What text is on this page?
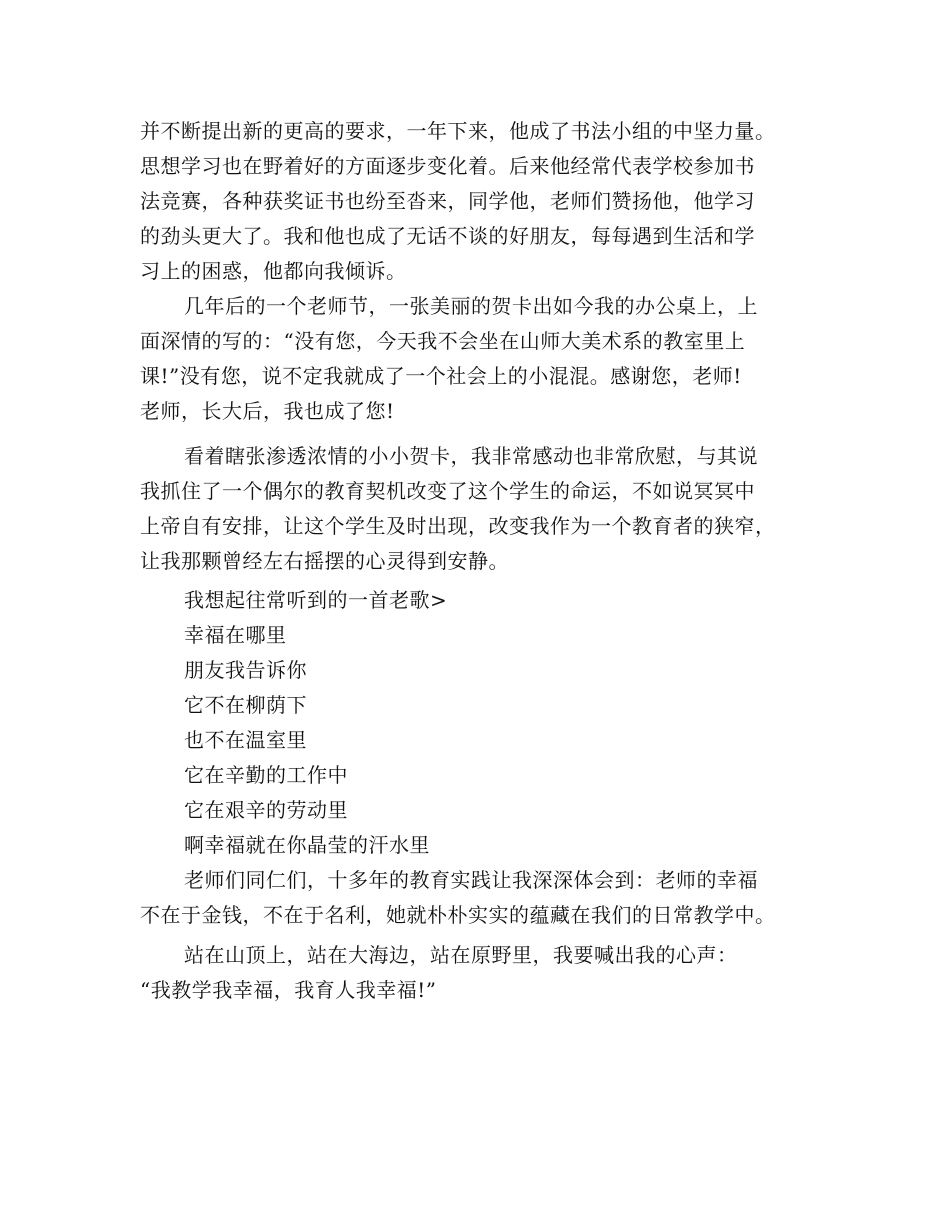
并不断提出新的更高的要求，一年下来，他成了书法小组的中坚力量。
思想学习也在野着好的方面逐步变化着。后来他经常代表学校参加书
法竞赛，各种获奖证书也纷至沓来，同学他，老师们赞扬他，他学习
的劲头更大了。我和他也成了无话不谈的好朋友，每每遇到生活和学
习上的困惑，他都向我倾诉。
几年后的一个老师节，一张美丽的贺卡出如今我的办公桌上，上
面深情的写的：“没有您，今天我不会坐在山师大美术系的教室里上
课!”没有您，说不定我就成了一个社会上的小混混。感谢您，老师!
老师，长大后，我也成了您!
看着瞎张渗透浓情的小小贺卡，我非常感动也非常欣慰，与其说
我抓住了一个偶尔的教育契机改变了这个学生的命运，不如说冥冥中
上帝自有安排，让这个学生及时出现，改变我作为一个教育者的狭窄，
让我那颗曾经左右摇摆的心灵得到安静。
我想起往常听到的一首老歌>
幸福在哪里
朋友我告诉你
它不在柳荫下
也不在温室里
它在辛勤的工作中
它在艰辛的劳动里
啊幸福就在你晶莹的汗水里
老师们同仁们，十多年的教育实践让我深深体会到：老师的幸福
不在于金钱，不在于名利，她就朴朴实实的蕴藏在我们的日常教学中。
站在山顶上，站在大海边，站在原野里，我要喊出我的心声：
“我教学我幸福，我育人我幸福!”
